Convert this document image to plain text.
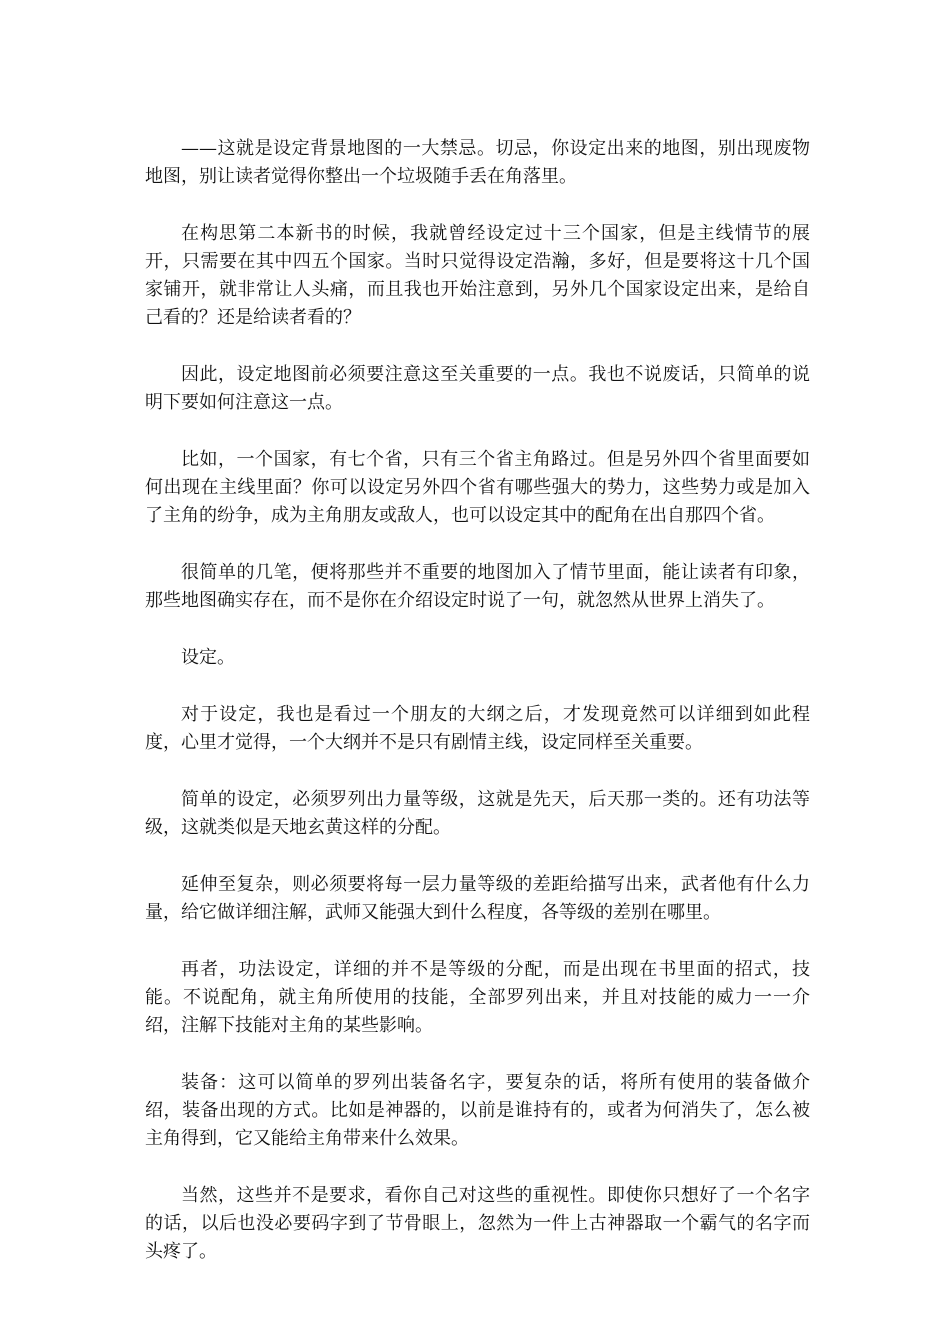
——这就是设定背景地图的一大禁忌。切忌，你设定出来的地图，别出现废物地图，别让读者觉得你整出一个垃圾随手丢在角落里。

在构思第二本新书的时候，我就曾经设定过十三个国家，但是主线情节的展开，只需要在其中四五个国家。当时只觉得设定浩瀚，多好，但是要将这十几个国家铺开，就非常让人头痛，而且我也开始注意到，另外几个国家设定出来，是给自己看的？还是给读者看的？

因此，设定地图前必须要注意这至关重要的一点。我也不说废话，只简单的说明下要如何注意这一点。

比如，一个国家，有七个省，只有三个省主角路过。但是另外四个省里面要如何出现在主线里面？你可以设定另外四个省有哪些强大的势力，这些势力或是加入了主角的纷争，成为主角朋友或敌人，也可以设定其中的配角在出自那四个省。

很简单的几笔，便将那些并不重要的地图加入了情节里面，能让读者有印象，那些地图确实存在，而不是你在介绍设定时说了一句，就忽然从世界上消失了。

设定。

对于设定，我也是看过一个朋友的大纲之后，才发现竟然可以详细到如此程度，心里才觉得，一个大纲并不是只有剧情主线，设定同样至关重要。

简单的设定，必须罗列出力量等级，这就是先天，后天那一类的。还有功法等级，这就类似是天地玄黄这样的分配。

延伸至复杂，则必须要将每一层力量等级的差距给描写出来，武者他有什么力量，给它做详细注解，武师又能强大到什么程度，各等级的差别在哪里。

再者，功法设定，详细的并不是等级的分配，而是出现在书里面的招式，技能。不说配角，就主角所使用的技能，全部罗列出来，并且对技能的威力一一介绍，注解下技能对主角的某些影响。

装备：这可以简单的罗列出装备名字，要复杂的话，将所有使用的装备做介绍，装备出现的方式。比如是神器的，以前是谁持有的，或者为何消失了，怎么被主角得到，它又能给主角带来什么效果。

当然，这些并不是要求，看你自己对这些的重视性。即使你只想好了一个名字的话，以后也没必要码字到了节骨眼上，忽然为一件上古神器取一个霸气的名字而头疼了。
